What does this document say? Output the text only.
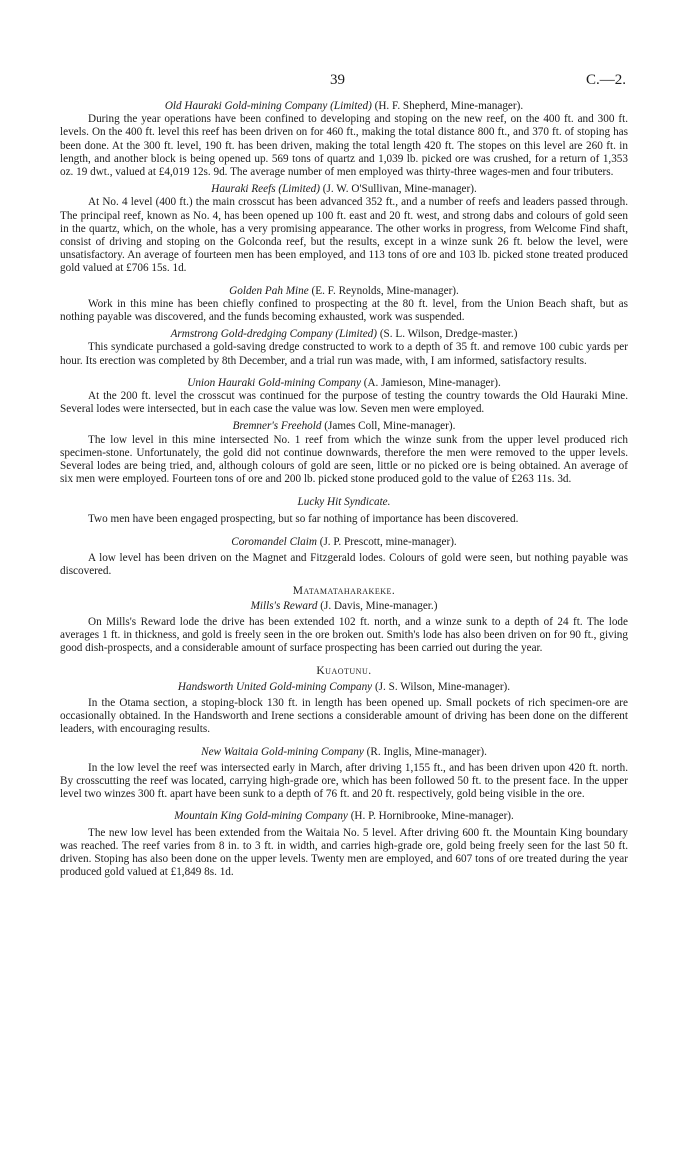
39	C.—2.

Old Hauraki Gold-mining Company (Limited) (H. F. Shepherd, Mine-manager).

During the year operations have been confined to developing and stoping on the new reef, on the 400 ft. and 300 ft. levels. On the 400 ft. level this reef has been driven on for 460 ft., making the total distance 800 ft., and 370 ft. of stoping has been done. At the 300 ft. level, 190 ft. has been driven, making the total length 420 ft. The stopes on this level are 260 ft. in length, and another block is being opened up. 569 tons of quartz and 1,039 lb. picked ore was crushed, for a return of 1,353 oz. 19 dwt., valued at £4,019 12s. 9d. The average number of men employed was thirty-three wages-men and four tributers.

Hauraki Reefs (Limited) (J. W. O'Sullivan, Mine-manager).

At No. 4 level (400 ft.) the main crosscut has been advanced 352 ft., and a number of reefs and leaders passed through. The principal reef, known as No. 4, has been opened up 100 ft. east and 20 ft. west, and strong dabs and colours of gold seen in the quartz, which, on the whole, has a very promising appearance. The other works in progress, from Welcome Find shaft, consist of driving and stoping on the Golconda reef, but the results, except in a winze sunk 26 ft. below the level, were unsatisfactory. An average of fourteen men has been employed, and 113 tons of ore and 103 lb. picked stone treated produced gold valued at £706 15s. 1d.

Golden Pah Mine (E. F. Reynolds, Mine-manager).

Work in this mine has been chiefly confined to prospecting at the 80 ft. level, from the Union Beach shaft, but as nothing payable was discovered, and the funds becoming exhausted, work was suspended.

Armstrong Gold-dredging Company (Limited) (S. L. Wilson, Dredge-master.)

This syndicate purchased a gold-saving dredge constructed to work to a depth of 35 ft. and remove 100 cubic yards per hour. Its erection was completed by 8th December, and a trial run was made, with, I am informed, satisfactory results.

Union Hauraki Gold-mining Company (A. Jamieson, Mine-manager).

At the 200 ft. level the crosscut was continued for the purpose of testing the country towards the Old Hauraki Mine. Several lodes were intersected, but in each case the value was low. Seven men were employed.

Bremner's Freehold (James Coll, Mine-manager).

The low level in this mine intersected No. 1 reef from which the winze sunk from the upper level produced rich specimen-stone. Unfortunately, the gold did not continue downwards, therefore the men were removed to the upper levels. Several lodes are being tried, and, although colours of gold are seen, little or no picked ore is being obtained. An average of six men were employed. Fourteen tons of ore and 200 lb. picked stone produced gold to the value of £263 11s. 3d.

Lucky Hit Syndicate.

Two men have been engaged prospecting, but so far nothing of importance has been discovered.

Coromandel Claim (J. P. Prescott, mine-manager).

A low level has been driven on the Magnet and Fitzgerald lodes. Colours of gold were seen, but nothing payable was discovered.

Matamataharakeke.

Mills's Reward (J. Davis, Mine-manager.)

On Mills's Reward lode the drive has been extended 102 ft. north, and a winze sunk to a depth of 24 ft. The lode averages 1 ft. in thickness, and gold is freely seen in the ore broken out. Smith's lode has also been driven on for 90 ft., giving good dish-prospects, and a considerable amount of surface prospecting has been carried out during the year.

Kuaotunu.

Handsworth United Gold-mining Company (J. S. Wilson, Mine-manager).

In the Otama section, a stoping-block 130 ft. in length has been opened up. Small pockets of rich specimen-ore are occasionally obtained. In the Handsworth and Irene sections a considerable amount of driving has been done on the different leaders, with encouraging results.

New Waitaia Gold-mining Company (R. Inglis, Mine-manager).

In the low level the reef was intersected early in March, after driving 1,155 ft., and has been driven upon 420 ft. north. By crosscutting the reef was located, carrying high-grade ore, which has been followed 50 ft. to the present face. In the upper level two winzes 300 ft. apart have been sunk to a depth of 76 ft. and 20 ft. respectively, gold being visible in the ore.

Mountain King Gold-mining Company (H. P. Hornibrooke, Mine-manager).

The new low level has been extended from the Waitaia No. 5 level. After driving 600 ft. the Mountain King boundary was reached. The reef varies from 8 in. to 3 ft. in width, and carries high-grade ore, gold being freely seen for the last 50 ft. driven. Stoping has also been done on the upper levels. Twenty men are employed, and 607 tons of ore treated during the year produced gold valued at £1,849 8s. 1d.
